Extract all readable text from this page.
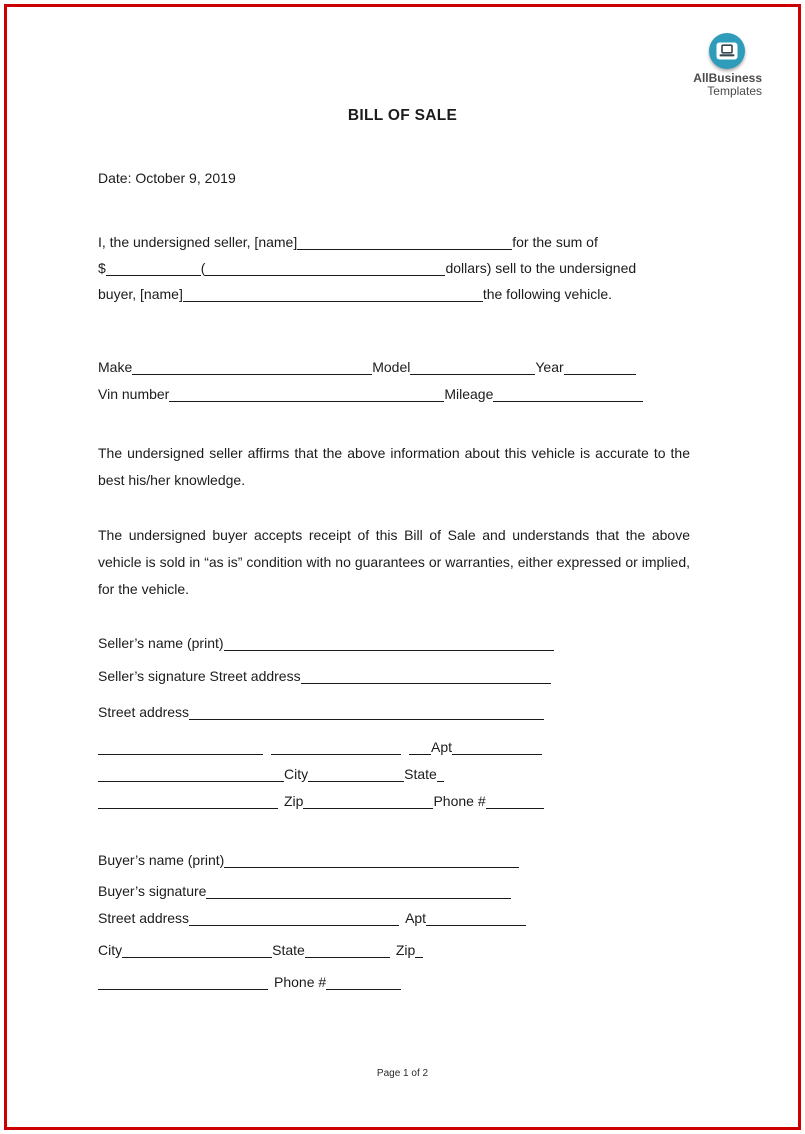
AllBusiness
Templates
BILL OF SALE

Date: October 9, 2019

I, the undersigned seller, [name]	for the sum of
$	(	dollars) sell to the undersigned
buyer, [name]	the following vehicle.
Make	Model	Year
Vin number	Mileage

The undersigned seller affirms that the above information about this vehicle is accurate to the best his/her knowledge.

The undersigned buyer accepts receipt of this Bill of Sale and understands that the above vehicle is sold in “as is” condition with no guarantees or warranties, either expressed or implied, for the vehicle.

Seller’s name (print)
Seller’s signature Street address
Street address
Apt
City	State
Zip	Phone #
Buyer’s name (print)
Buyer’s signature
Street address	Apt
City	State	Zip
Phone #
Page 1 of 2
